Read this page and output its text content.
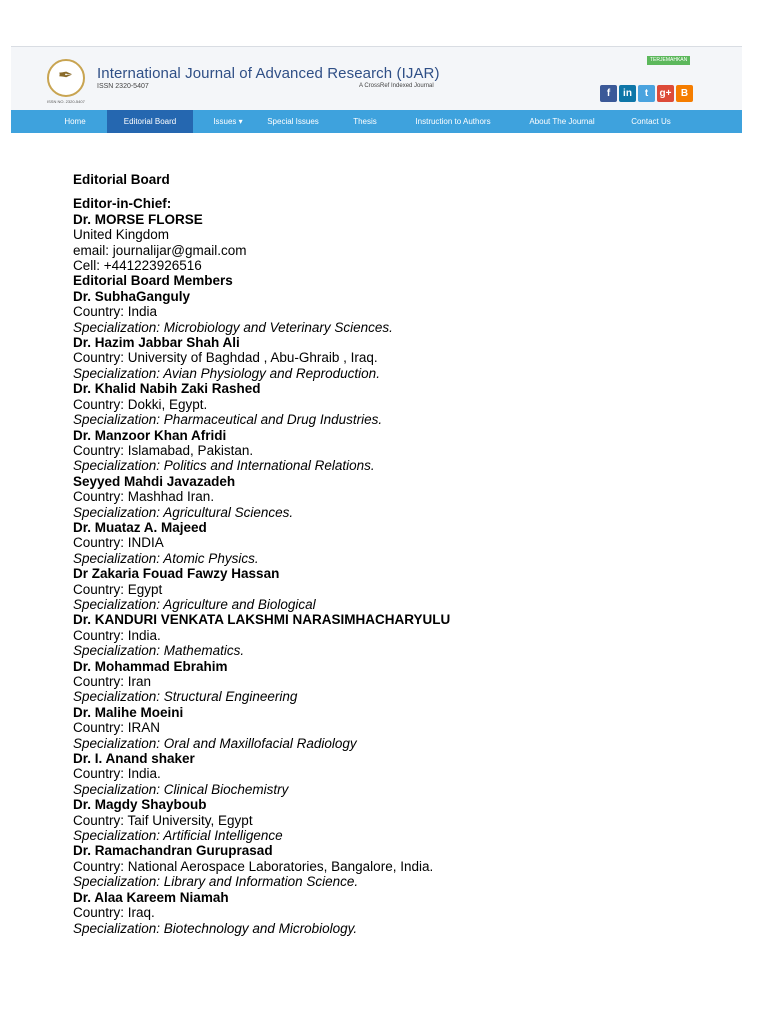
✒
ISSN NO. 2320-5407
International Journal of Advanced Research (IJAR)
ISSN 2320-5407	A CrossRef Indexed Journal
TERJEMAHKAN
f	in	t	g+ B
Home	Editorial Board	Issues ▾	Special Issues	Thesis	Instruction to Authors	About The Journal	Contact Us
Editorial Board
Editor-in-Chief:
Dr. MORSE FLORSE
United Kingdom
email: journalijar@gmail.com
Cell: +441223926516
Editorial Board Members
Dr. SubhaGanguly
Country: India
Specialization: Microbiology and Veterinary Sciences.
Dr. Hazim Jabbar Shah Ali
Country: University of Baghdad , Abu-Ghraib , Iraq.
Specialization: Avian Physiology and Reproduction.
Dr. Khalid Nabih Zaki Rashed
Country: Dokki, Egypt.
Specialization: Pharmaceutical and Drug Industries.
Dr. Manzoor Khan Afridi
Country: Islamabad, Pakistan.
Specialization: Politics and International Relations.
Seyyed Mahdi Javazadeh
Country: Mashhad Iran.
Specialization: Agricultural Sciences.
Dr. Muataz A. Majeed
Country: INDIA
Specialization: Atomic Physics.
Dr Zakaria Fouad Fawzy Hassan
Country: Egypt
Specialization: Agriculture and Biological
Dr. KANDURI VENKATA LAKSHMI NARASIMHACHARYULU
Country: India.
Specialization: Mathematics.
Dr. Mohammad Ebrahim
Country: Iran
Specialization: Structural Engineering
Dr. Malihe Moeini
Country: IRAN
Specialization: Oral and Maxillofacial Radiology
Dr. I. Anand shaker
Country: India.
Specialization: Clinical Biochemistry
Dr. Magdy Shayboub
Country: Taif University, Egypt
Specialization: Artificial Intelligence
Dr. Ramachandran Guruprasad
Country: National Aerospace Laboratories, Bangalore, India.
Specialization: Library and Information Science.
Dr. Alaa Kareem Niamah
Country: Iraq.
Specialization: Biotechnology and Microbiology.
